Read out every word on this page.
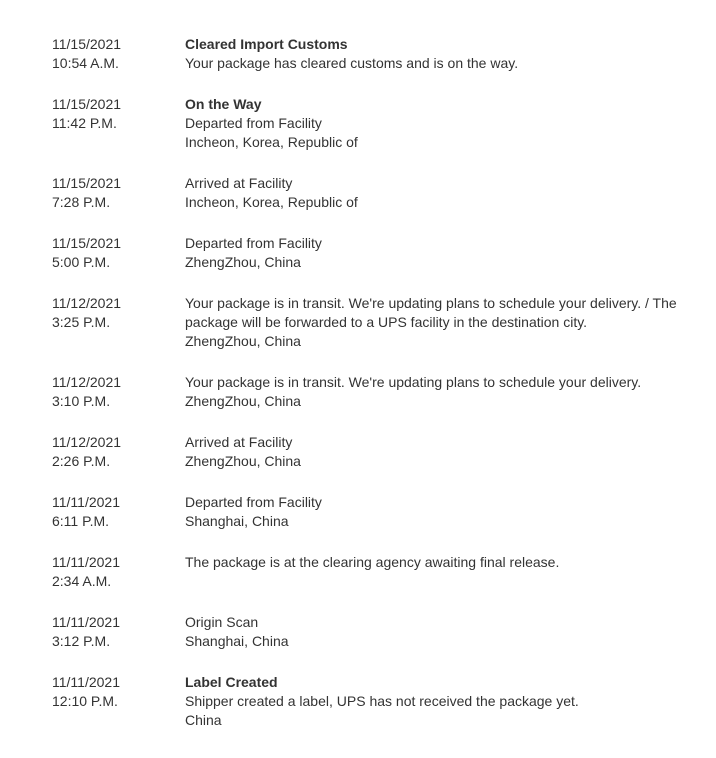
11/15/2021
10:54 A.M.
Cleared Import Customs
Your package has cleared customs and is on the way.
11/15/2021
11:42 P.M.
On the Way
Departed from Facility
Incheon, Korea, Republic of
11/15/2021
7:28 P.M.
Arrived at Facility
Incheon, Korea, Republic of
11/15/2021
5:00 P.M.
Departed from Facility
ZhengZhou, China
11/12/2021
3:25 P.M.
Your package is in transit. We're updating plans to schedule your delivery. / The
package will be forwarded to a UPS facility in the destination city.
ZhengZhou, China
11/12/2021
3:10 P.M.
Your package is in transit. We're updating plans to schedule your delivery.
ZhengZhou, China
11/12/2021
2:26 P.M.
Arrived at Facility
ZhengZhou, China
11/11/2021
6:11 P.M.
Departed from Facility
Shanghai, China
11/11/2021
2:34 A.M.
The package is at the clearing agency awaiting final release.
11/11/2021
3:12 P.M.
Origin Scan
Shanghai, China
11/11/2021
12:10 P.M.
Label Created
Shipper created a label, UPS has not received the package yet.
China
